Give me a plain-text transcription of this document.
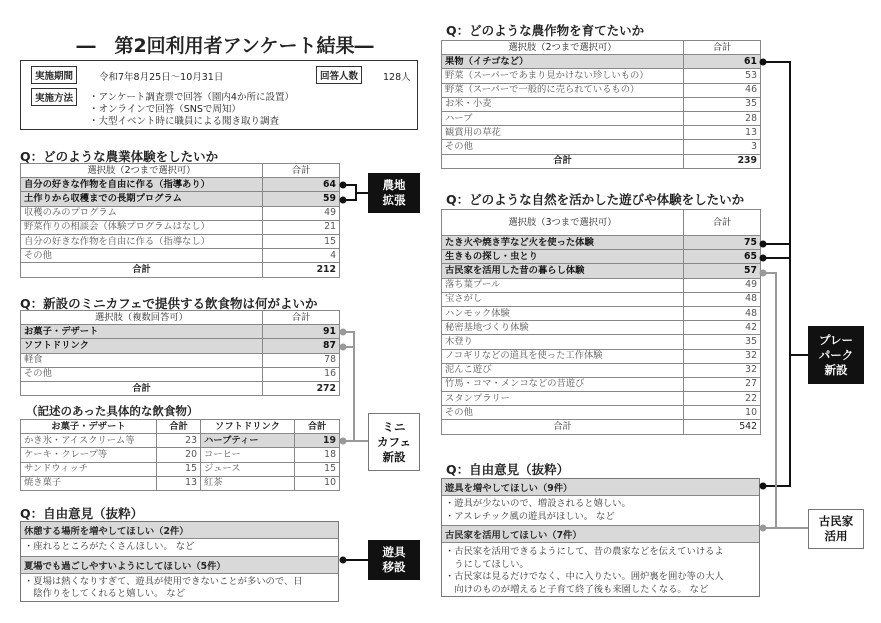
―　第2回利用者アンケート結果―
実施期間	令和7年8月25日〜10月31日	回答人数	128人
実施方法	・アンケート調査票で回答（園内4か所に設置）
・オンラインで回答（SNSで周知）
・大型イベント時に職員による聞き取り調査
Q：どのような農業体験をしたいか
選択肢（2つまで選択可）	合計
自分の好きな作物を自由に作る（指導あり）	64
土作りから収穫までの長期プログラム	59
収穫のみのプログラム	49
野菜作りの相談会（体験プログラムはなし）	21
自分の好きな作物を自由に作る（指導なし）	15
その他	4
合計	212
Q：新設のミニカフェで提供する飲食物は何がよいか
選択肢（複数回答可）	合計
お菓子・デザート	91
ソフトドリンク	87
軽食	78
その他	16
合計	272
（記述のあった具体的な飲食物）
お菓子・デザート	合計	ソフトドリンク	合計
かき氷・アイスクリーム等	23	ハーブティー	19
ケーキ・クレープ等	20	コーヒー	18
サンドウィッチ	15	ジュース	15
焼き菓子	13	紅茶	10
Q：自由意見（抜粋）
休憩する場所を増やしてほしい（2件）
・座れるところがたくさんほしい。 など
夏場でも過ごしやすいようにしてほしい（5件）
・夏場は熱くなりすぎて、遊具が使用できないことが多いので、日
　陰作りをしてくれると嬉しい。 など
Q：どのような農作物を育てたいか
選択肢（2つまで選択可）	合計
果物（イチゴなど）	61
野菜（スーパーであまり見かけない珍しいもの）	53
野菜（スーパーで一般的に売られているもの）	46
お米・小麦	35
ハーブ	28
観賞用の草花	13
その他	3
合計	239
Q：どのような自然を活かした遊びや体験をしたいか
選択肢（3つまで選択可）	合計
たき火や焼き芋など火を使った体験	75
生きもの探し・虫とり	65
古民家を活用した昔の暮らし体験	57
落ち葉プール	49
宝さがし	48
ハンモック体験	48
秘密基地づくり体験	42
木登り	35
ノコギリなどの道具を使った工作体験	32
泥んこ遊び	32
竹馬・コマ・メンコなどの昔遊び	27
スタンプラリー	22
その他	10
合計	542
Q：自由意見（抜粋）
遊具を増やしてほしい（9件）
・遊具が少ないので、増設されると嬉しい。
・アスレチック風の遊具がほしい。 など
古民家を活用してほしい（7件）
・古民家を活用できるようにして、昔の農家などを伝えていけるよ
　うにしてほしい。
・古民家は見るだけでなく、中に入りたい。囲炉裏を囲む等の大人
　向けのものが増えると子育て終了後も来園したくなる。 など
農地
拡張
ミニ
カフェ
新設
遊具
移設
プレー
パーク
新設
古民家
活用
